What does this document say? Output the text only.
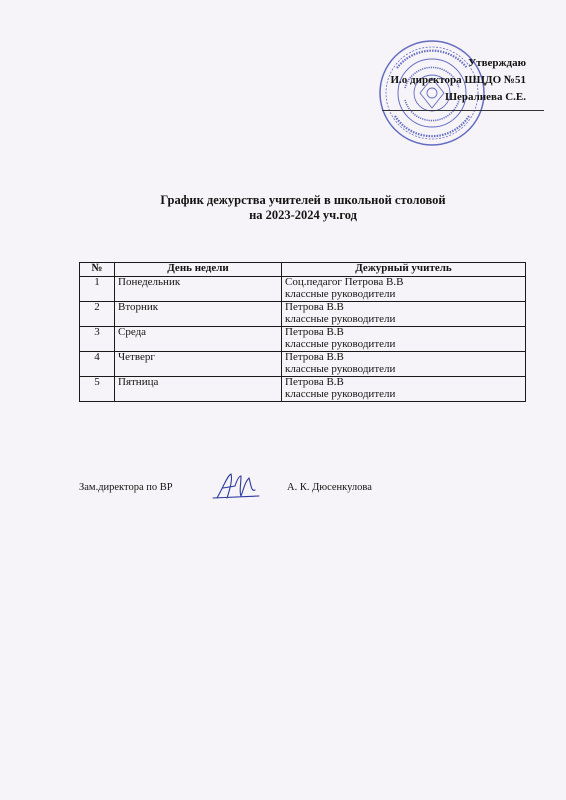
Утверждаю
И.о директора ШЦДО №51
Шералиева С.Е.
График дежурства учителей в школьной столовой
на 2023-2024 уч.год
№	День недели	Дежурный учитель
1	Понедельник	Соц.педагог Петрова В.В
классные руководители

2	Вторник	Петрова В.В
классные руководители

3	Среда	Петрова В.В
классные руководители

4	Четверг	Петрова В.В
классные руководители

5	Пятница	Петрова В.В
классные руководители
Зам.директора по ВР	А. К. Дюсенкулова
